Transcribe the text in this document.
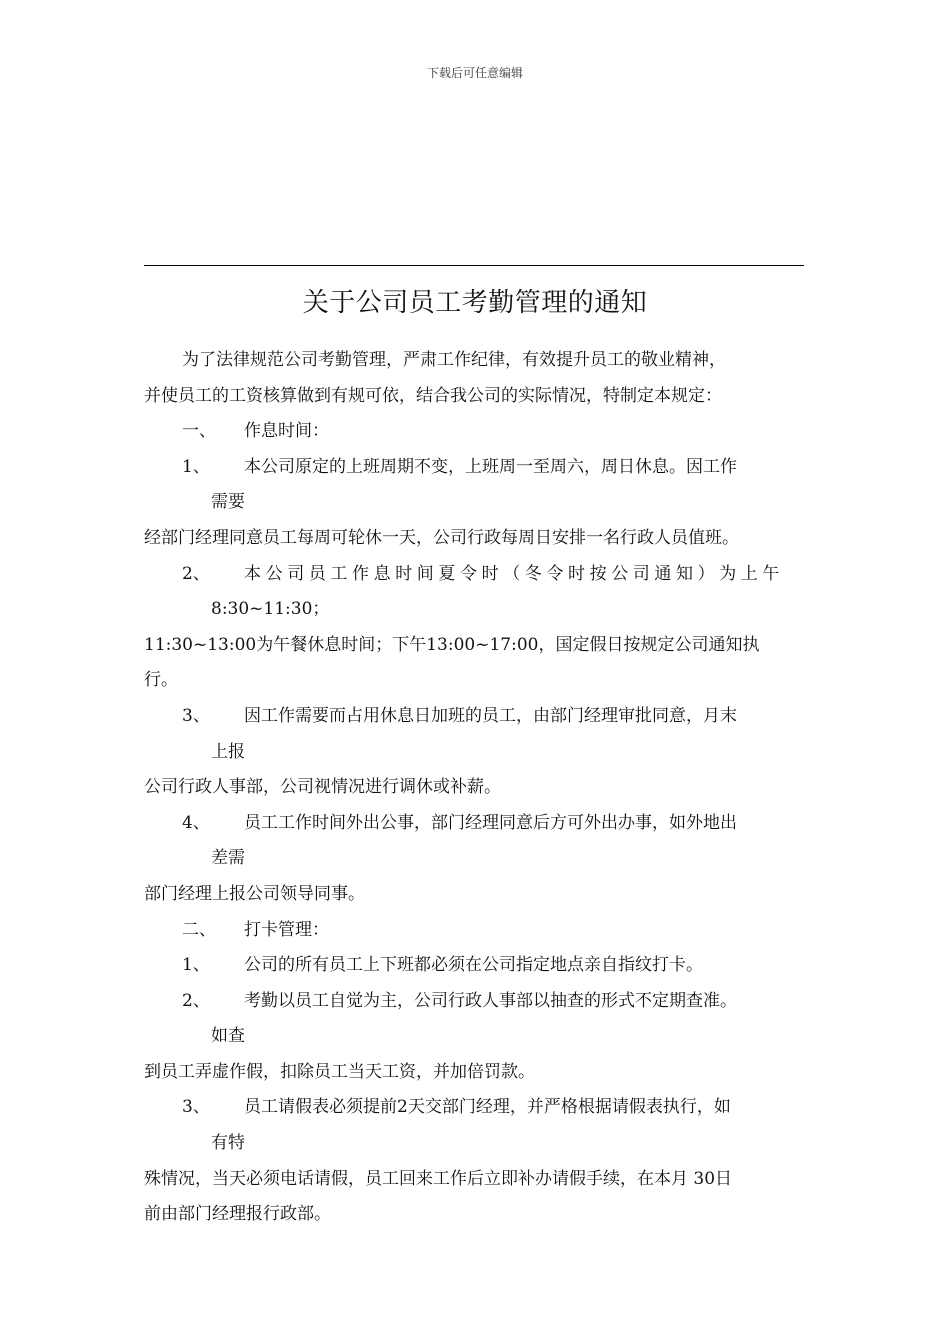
下载后可任意编辑
关于公司员工考勤管理的通知
为了法律规范公司考勤管理，严肃工作纪律，有效提升员工的敬业精神，
并使员工的工资核算做到有规可依，结合我公司的实际情况，特制定本规定：
一、 作息时间：
1、 本公司原定的上班周期不变，上班周一至周六，周日休息。因工作
需要
经部门经理同意员工每周可轮休一天，公司行政每周日安排一名行政人员值班。
2、 本公司员工作息时间夏令时（冬令时按公司通知）为上午
8:30~11:30；
11:30~13:00为午餐休息时间；下午13:00~17:00，国定假日按规定公司通知执
行。
3、 因工作需要而占用休息日加班的员工，由部门经理审批同意，月末
上报
公司行政人事部，公司视情况进行调休或补薪。
4、 员工工作时间外出公事，部门经理同意后方可外出办事，如外地出
差需
部门经理上报公司领导同事。
二、 打卡管理：
1、 公司的所有员工上下班都必须在公司指定地点亲自指纹打卡。
2、 考勤以员工自觉为主，公司行政人事部以抽查的形式不定期查准。
如查
到员工弄虚作假，扣除员工当天工资，并加倍罚款。
3、 员工请假表必须提前2天交部门经理，并严格根据请假表执行，如
有特
殊情况，当天必须电话请假，员工回来工作后立即补办请假手续，在本月 30日
前由部门经理报行政部。
